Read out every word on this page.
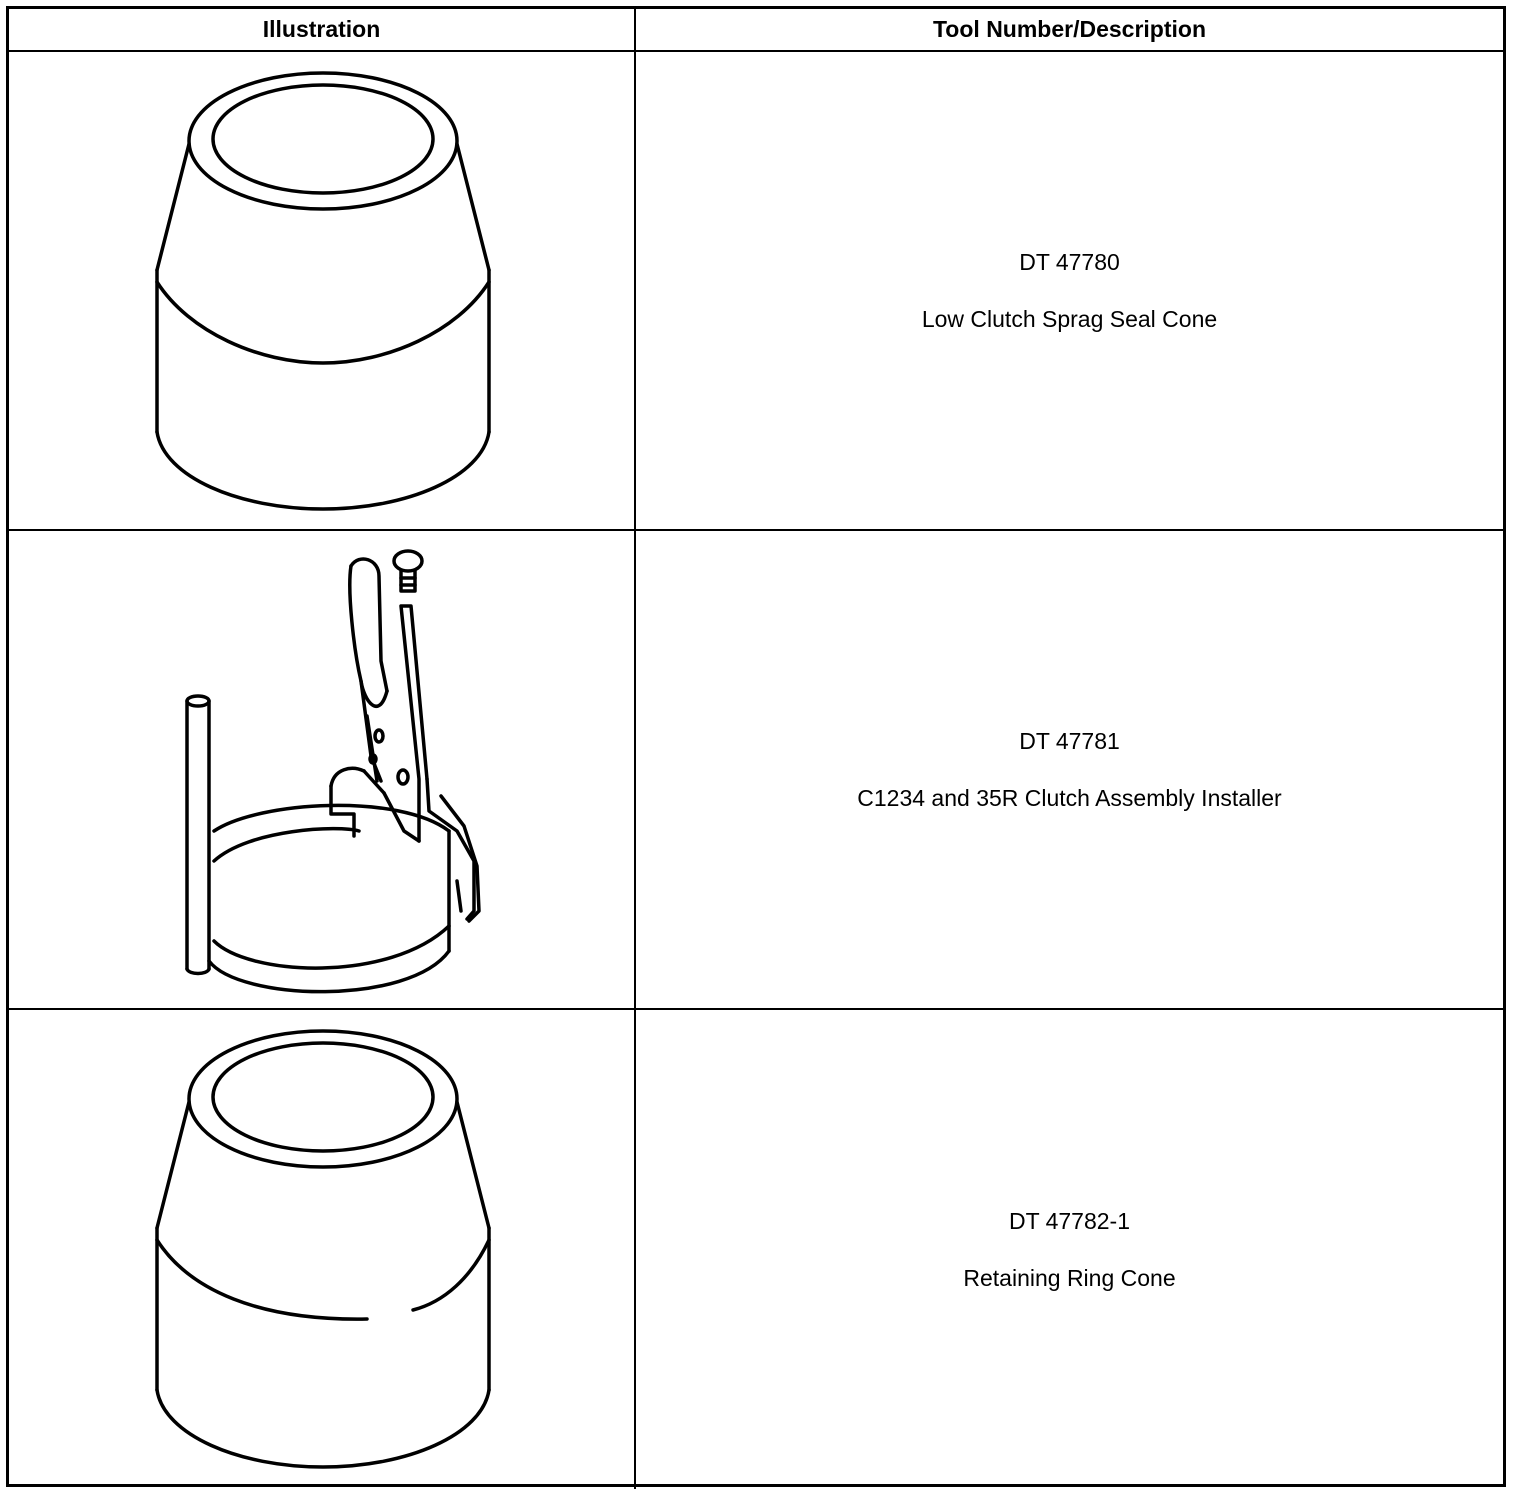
Illustration	Tool Number/Description
DT 47780
Low Clutch Sprag Seal Cone
DT 47781
C1234 and 35R Clutch Assembly Installer
DT 47782-1
Retaining Ring Cone
